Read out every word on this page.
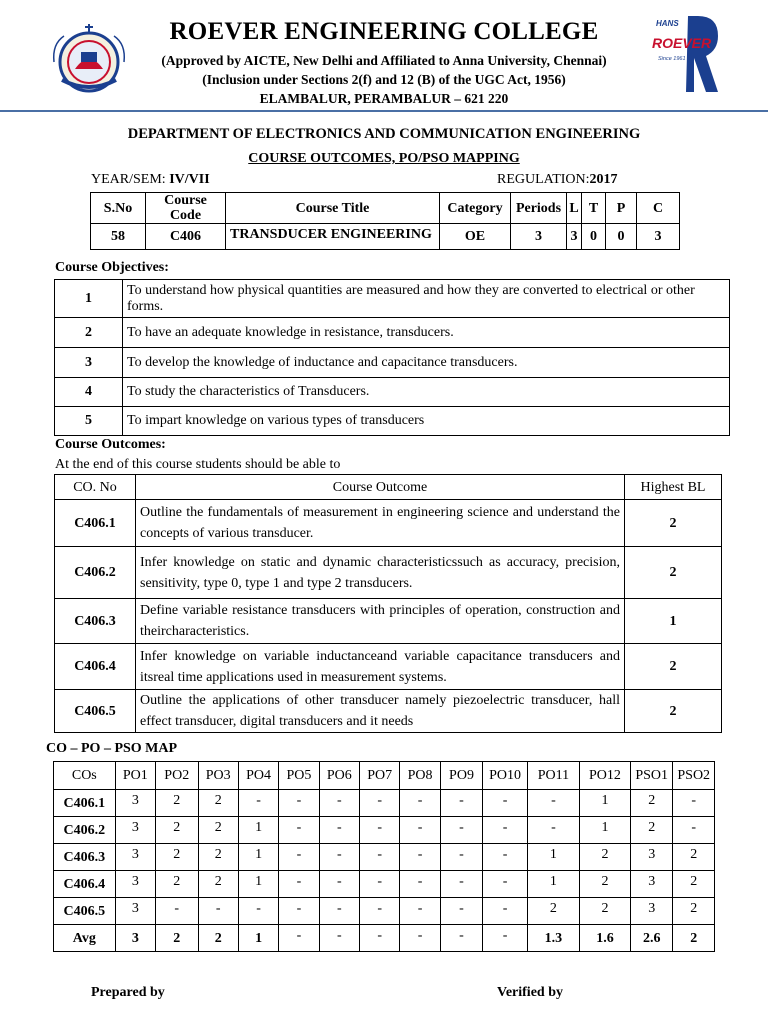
ROEVER ENGINEERING COLLEGE
(Approved by AICTE, New Delhi and Affiliated to Anna University, Chennai)
(Inclusion under Sections 2(f) and 12 (B) of the UGC Act, 1956)
ELAMBALUR, PERAMBALUR – 621 220
HANS
ROEVER
Since 1961
DEPARTMENT OF ELECTRONICS AND COMMUNICATION ENGINEERING
COURSE OUTCOMES, PO/PSO MAPPING
YEAR/SEM: IV/VII	REGULATION:2017
S.No	Course Code	Course Title	Category	Periods	L	T	P	C
58	C406	TRANSDUCER ENGINEERING	OE	3	3	0	0	3
Course Objectives:
1	To understand how physical quantities are measured and how they are converted to electrical or other forms.
2	To have an adequate knowledge in resistance, transducers.
3	To develop the knowledge of inductance and capacitance transducers.
4	To study the characteristics of Transducers.
5	To impart knowledge on various types of transducers
Course Outcomes:
At the end of this course students should be able to
CO. No	Course Outcome	Highest BL
C406.1	Outline the fundamentals of measurement in engineering science and understand the concepts of various transducer.	2
C406.2	Infer knowledge on static and dynamic characteristicssuch as accuracy, precision, sensitivity, type 0, type 1 and type 2 transducers.	2
C406.3	Define variable resistance transducers with principles of operation, construction and theircharacteristics.	1
C406.4	Infer knowledge on variable inductanceand variable capacitance transducers and itsreal time applications used in measurement systems.	2
C406.5	Outline the applications of other transducer namely piezoelectric transducer, hall effect transducer, digital transducers and it needs	2
CO – PO – PSO MAP
COs	PO1	PO2	PO3	PO4	PO5	PO6	PO7	PO8	PO9	PO10	PO11	PO12	PSO1	PSO2
C406.1	3	2	2	-	-	-	-	-	-	-	-	1	2	-
C406.2	3	2	2	1	-	-	-	-	-	-	-	1	2	-
C406.3	3	2	2	1	-	-	-	-	-	-	1	2	3	2
C406.4	3	2	2	1	-	-	-	-	-	-	1	2	3	2
C406.5	3	-	-	-	-	-	-	-	-	-	2	2	3	2
Avg	3	2	2	1	-	-	-	-	-	-	1.3	1.6	2.6	2
Prepared by	Verified by
